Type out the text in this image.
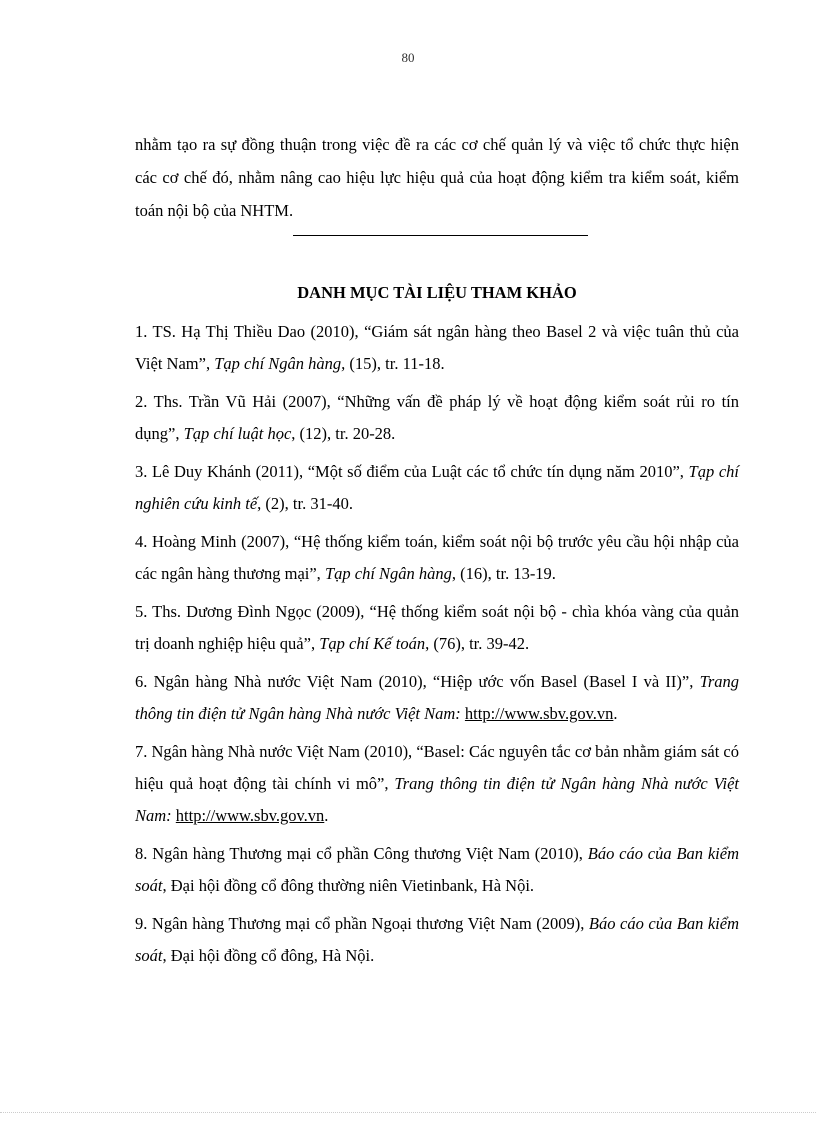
80

nhằm tạo ra sự đồng thuận trong việc đề ra các cơ chế quản lý và việc tổ chức thực hiện các cơ chế đó, nhằm nâng cao hiệu lực hiệu quả của hoạt động kiểm tra kiểm soát, kiểm toán nội bộ của NHTM.

DANH MỤC TÀI LIỆU THAM KHẢO

1. TS. Hạ Thị Thiều Dao (2010), “Giám sát ngân hàng theo Basel 2 và việc tuân thủ của Việt Nam”, Tạp chí Ngân hàng, (15), tr. 11-18.

2. Ths. Trần Vũ Hải (2007), “Những vấn đề pháp lý về hoạt động kiểm soát rủi ro tín dụng”, Tạp chí luật học, (12), tr. 20-28.

3. Lê Duy Khánh (2011), “Một số điểm của Luật các tổ chức tín dụng năm 2010”, Tạp chí nghiên cứu kinh tế, (2), tr. 31-40.

4. Hoàng Minh (2007), “Hệ thống kiểm toán, kiểm soát nội bộ trước yêu cầu hội nhập của các ngân hàng thương mại”, Tạp chí Ngân hàng, (16), tr. 13-19.

5. Ths. Dương Đình Ngọc (2009), “Hệ thống kiểm soát nội bộ - chìa khóa vàng của quản trị doanh nghiệp hiệu quả”, Tạp chí Kế toán, (76), tr. 39-42.

6. Ngân hàng Nhà nước Việt Nam (2010), “Hiệp ước vốn Basel (Basel I và II)”, Trang thông tin điện tử Ngân hàng Nhà nước Việt Nam: http://www.sbv.gov.vn.

7. Ngân hàng Nhà nước Việt Nam (2010), “Basel: Các nguyên tắc cơ bản nhằm giám sát có hiệu quả hoạt động tài chính vi mô”, Trang thông tin điện tử Ngân hàng Nhà nước Việt Nam: http://www.sbv.gov.vn.

8. Ngân hàng Thương mại cổ phần Công thương Việt Nam (2010), Báo cáo của Ban kiểm soát, Đại hội đồng cổ đông thường niên Vietinbank, Hà Nội.

9. Ngân hàng Thương mại cổ phần Ngoại thương Việt Nam (2009), Báo cáo của Ban kiểm soát, Đại hội đồng cổ đông, Hà Nội.
